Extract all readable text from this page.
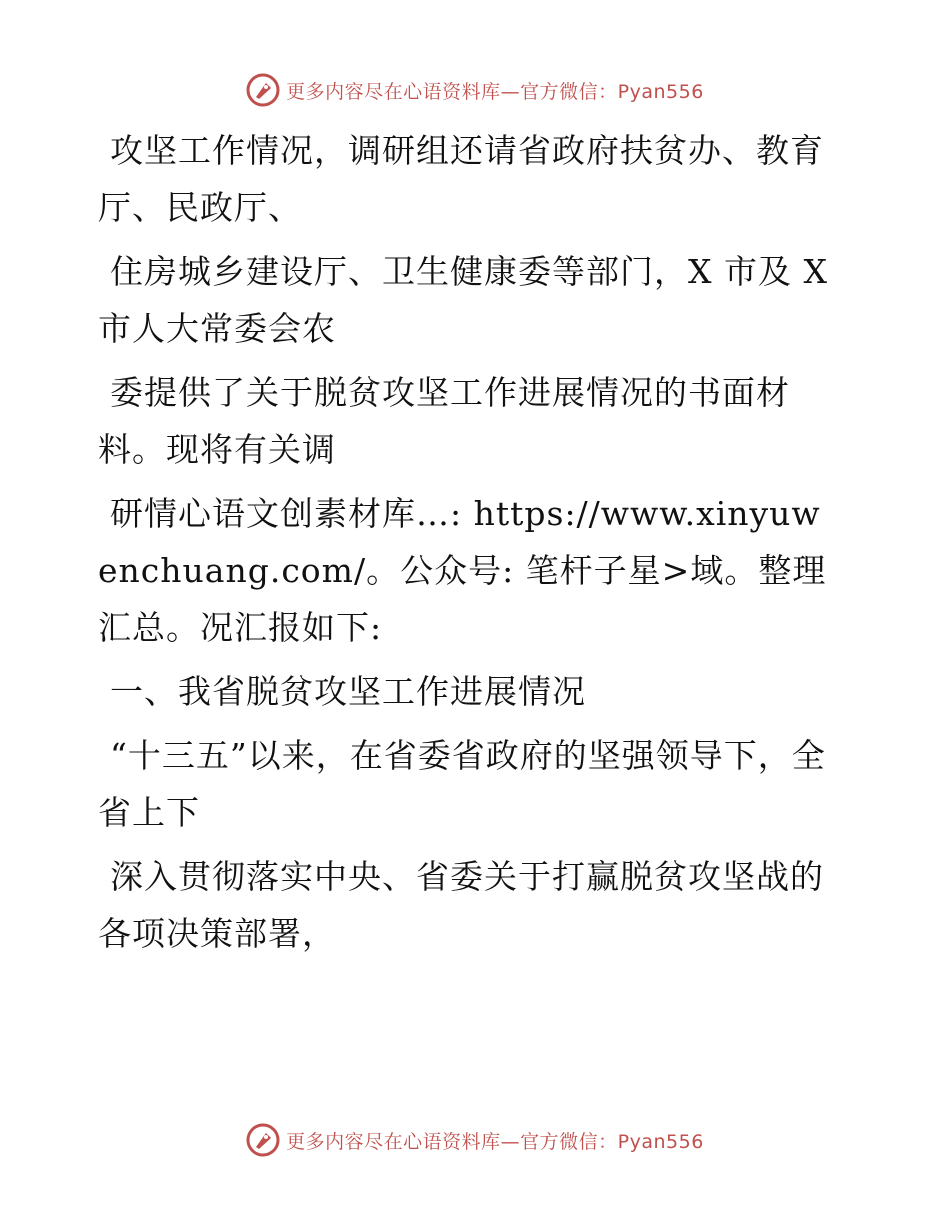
更多内容尽在心语资料库—官方微信：Pyan556

攻坚工作情况，调研组还请省政府扶贫办、教育厅、民政厅、

住房城乡建设厅、卫生健康委等部门，X 市及 X 市人大常委会农

委提供了关于脱贫攻坚工作进展情况的书面材料。现将有关调

研情心语文创素材库…: https://www.xinyuwenchuang.com/。公众号: 笔杆子星>域。整理汇总。况汇报如下:

一、我省脱贫攻坚工作进展情况

“十三五”以来，在省委省政府的坚强领导下，全省上下

深入贯彻落实中央、省委关于打赢脱贫攻坚战的各项决策部署，

更多内容尽在心语资料库—官方微信：Pyan556
